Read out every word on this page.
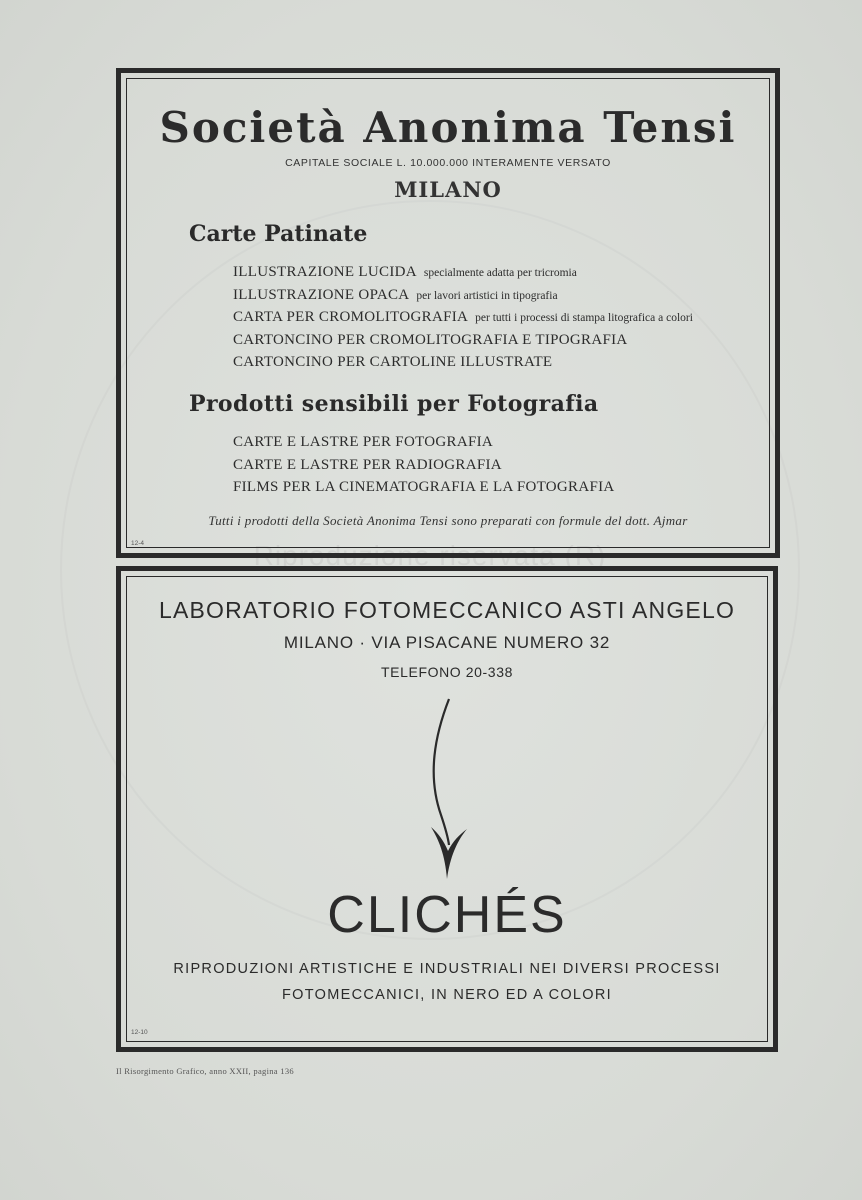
Riproduzione riservata (R)
Società Anonima Tensi
CAPITALE SOCIALE L. 10.000.000 INTERAMENTE VERSATO
MILANO
Carte Patinate
ILLUSTRAZIONE LUCIDA specialmente adatta per tricromia
ILLUSTRAZIONE OPACA per lavori artistici in tipografia
CARTA PER CROMOLITOGRAFIA per tutti i processi di stampa litografica a colori
CARTONCINO PER CROMOLITOGRAFIA E TIPOGRAFIA
CARTONCINO PER CARTOLINE ILLUSTRATE
Prodotti sensibili per Fotografia
CARTE E LASTRE PER FOTOGRAFIA
CARTE E LASTRE PER RADIOGRAFIA
FILMS PER LA CINEMATOGRAFIA E LA FOTOGRAFIA
Tutti i prodotti della Società Anonima Tensi sono preparati con formule del dott. Ajmar
12-4
LABORATORIO FOTOMECCANICO ASTI ANGELO
MILANO · VIA PISACANE NUMERO 32
TELEFONO 20-338
CLICHÉS
RIPRODUZIONI ARTISTICHE E INDUSTRIALI NEI DIVERSI PROCESSI
FOTOMECCANICI, IN NERO ED A COLORI
12-10
Il Risorgimento Grafico, anno XXII, pagina 136
